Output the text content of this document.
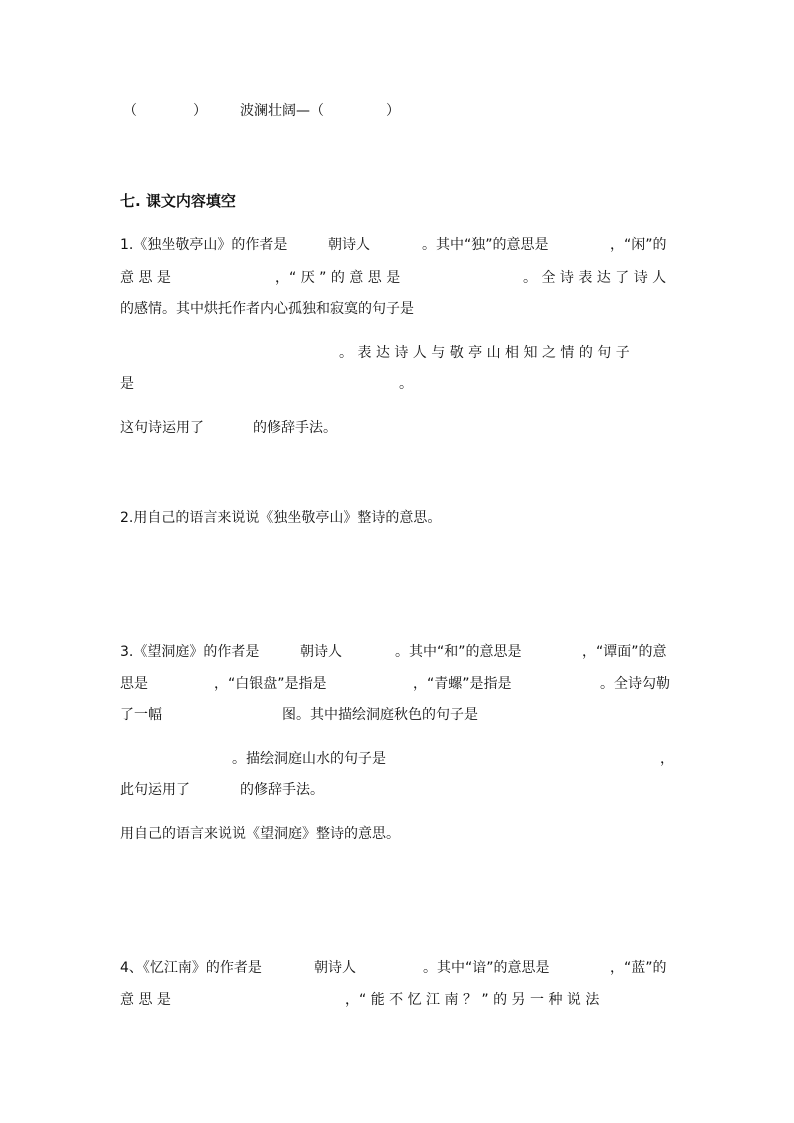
（	） 波澜壮阔—（	）
七. 课文内容填空
1.《独坐敬亭山》的作者是	朝诗人	。其中“独”的意思是	，“闲”的
意 思 是	，“ 厌 ” 的 意 思 是	。 全 诗 表 达 了 诗 人
的感情。其中烘托作者内心孤独和寂寞的句子是
。 表 达 诗 人 与 敬 亭 山 相 知 之 情 的 句 子
是	。
这句诗运用了	的修辞手法。
2.用自己的语言来说说《独坐敬亭山》整诗的意思。
3.《望洞庭》的作者是	朝诗人	。其中“和”的意思是	，“谭面”的意
思是	，“白银盘”是指是	，“青螺”是指是	。全诗勾勒
了一幅	图。其中描绘洞庭秋色的句子是
。描绘洞庭山水的句子是	，
此句运用了	的修辞手法。
用自己的语言来说说《望洞庭》整诗的意思。
4、《忆江南》的作者是	朝诗人	。其中“谙”的意思是	，“蓝”的
意 思 是	，“ 能 不 忆 江 南 ？ ” 的 另 一 种 说 法
